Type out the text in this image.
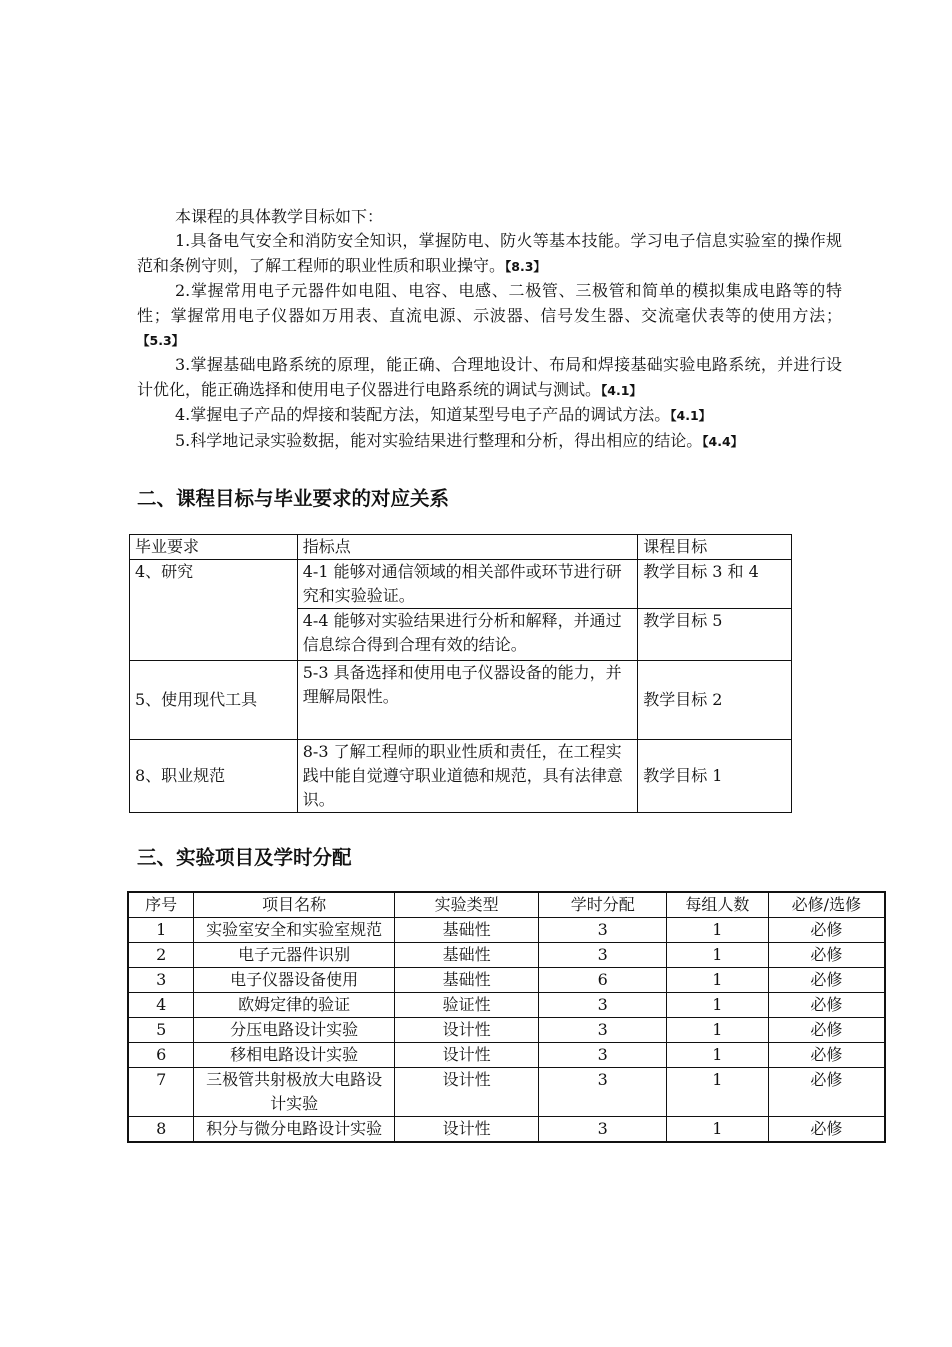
本课程的具体教学目标如下：

1.具备电气安全和消防安全知识，掌握防电、防火等基本技能。学习电子信息实验室的操作规范和条例守则，了解工程师的职业性质和职业操守。【8.3】

2.掌握常用电子元器件如电阻、电容、电感、二极管、三极管和简单的模拟集成电路等的特性；掌握常用电子仪器如万用表、直流电源、示波器、信号发生器、交流毫伏表等的使用方法；【5.3】

3.掌握基础电路系统的原理，能正确、合理地设计、布局和焊接基础实验电路系统，并进行设计优化，能正确选择和使用电子仪器进行电路系统的调试与测试。【4.1】

4.掌握电子产品的焊接和装配方法，知道某型号电子产品的调试方法。【4.1】

5.科学地记录实验数据，能对实验结果进行整理和分析，得出相应的结论。【4.4】

二、课程目标与毕业要求的对应关系
毕业要求	指标点	课程目标
4、研究	4-1 能够对通信领域的相关部件或环节进行研究和实验验证。	教学目标 3 和 4
	4-4 能够对实验结果进行分析和解释，并通过信息综合得到合理有效的结论。	教学目标 5
5、使用现代工具	5-3 具备选择和使用电子仪器设备的能力，并理解局限性。	教学目标 2
8、职业规范	8-3 了解工程师的职业性质和责任，在工程实践中能自觉遵守职业道德和规范，具有法律意识。	教学目标 1
三、实验项目及学时分配
序号	项目名称	实验类型	学时分配	每组人数	必修/选修
1	实验室安全和实验室规范	基础性	3	1	必修
2	电子元器件识别	基础性	3	1	必修
3	电子仪器设备使用	基础性	6	1	必修
4	欧姆定律的验证	验证性	3	1	必修
5	分压电路设计实验	设计性	3	1	必修
6	移相电路设计实验	设计性	3	1	必修
7	三极管共射极放大电路设计实验	设计性	3	1	必修
8	积分与微分电路设计实验	设计性	3	1	必修
